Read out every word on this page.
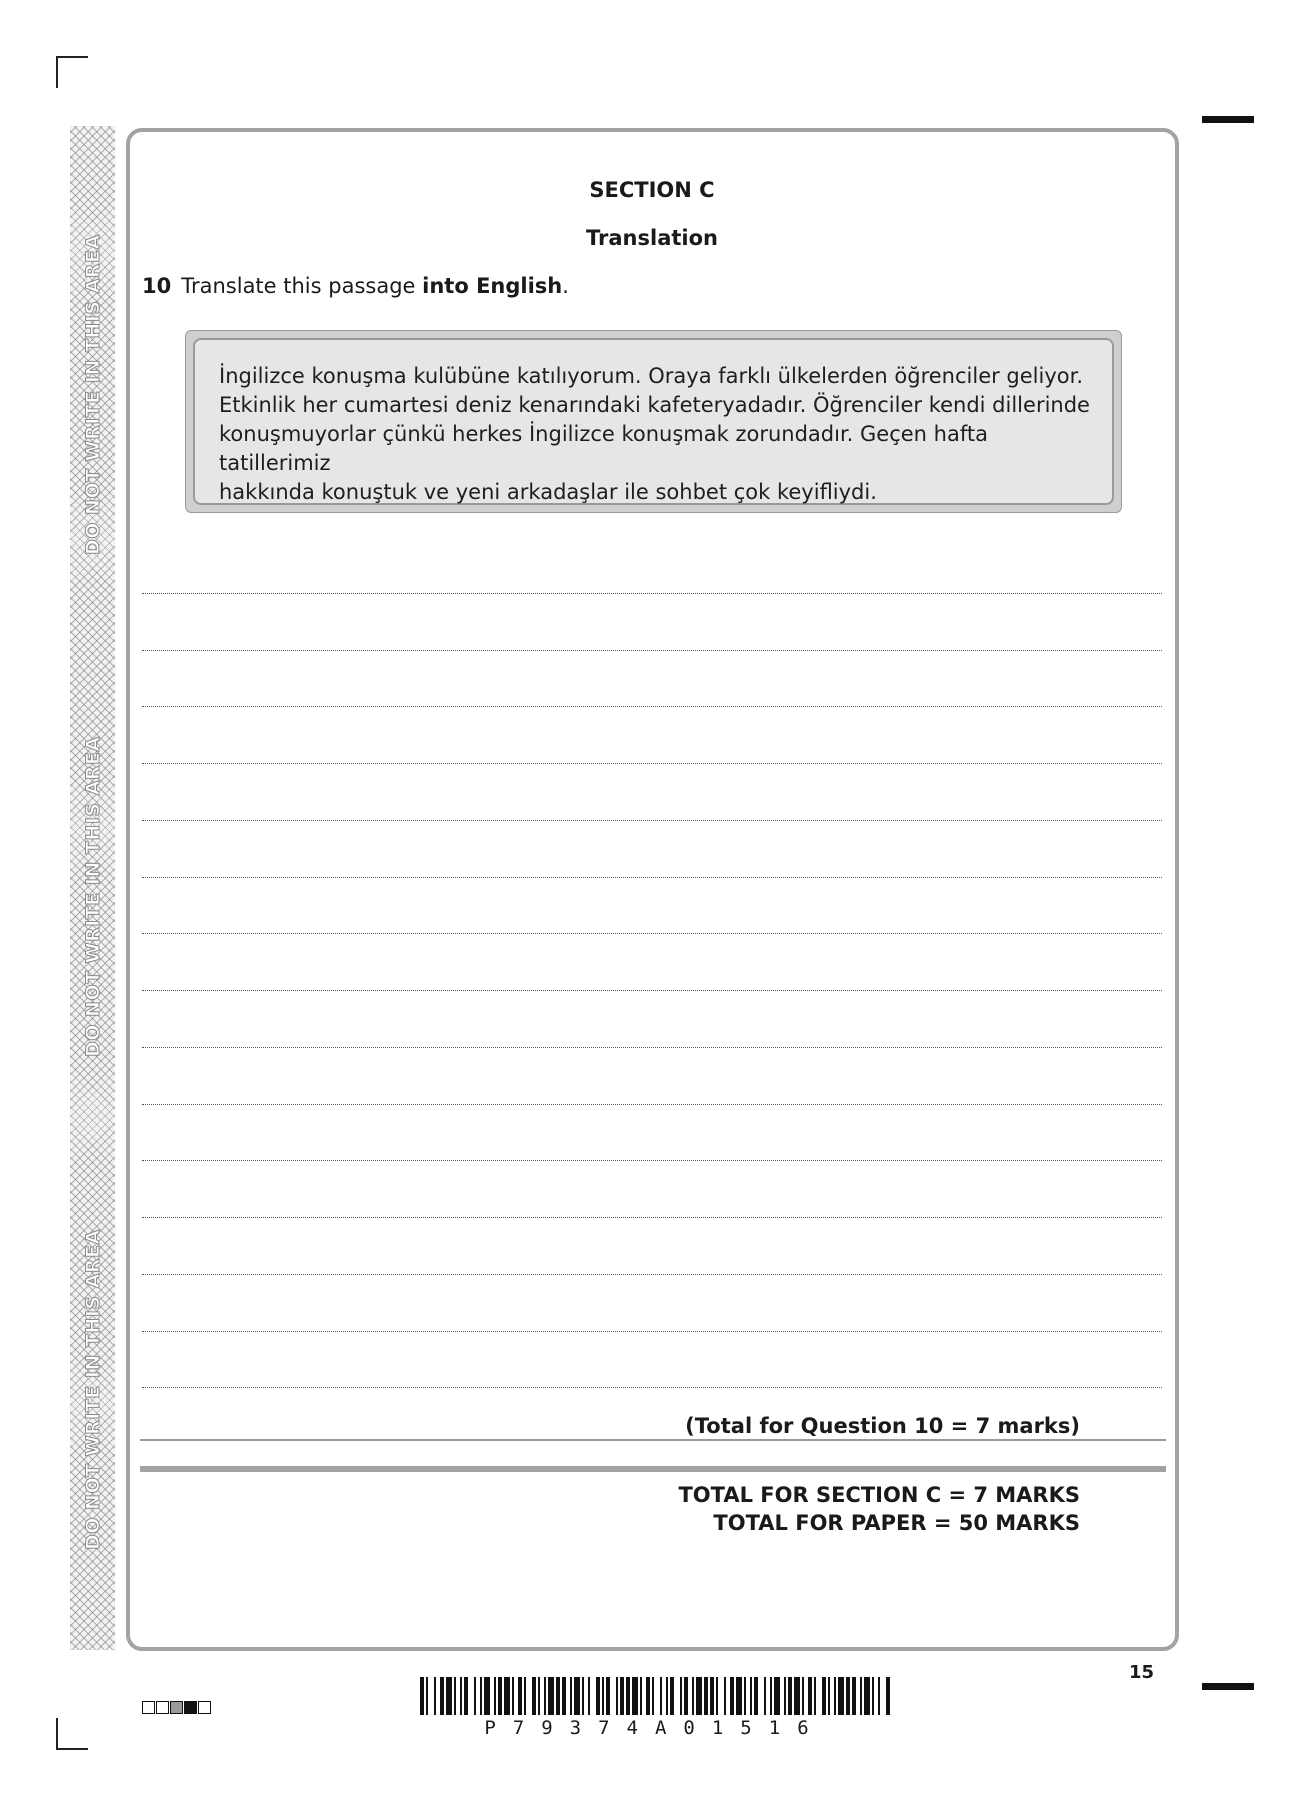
DO NOT WRITE IN THIS AREA
DO NOT WRITE IN THIS AREA
DO NOT WRITE IN THIS AREA
SECTION C
Translation
10 Translate this passage into English.
İngilizce konuşma kulübüne katılıyorum. Oraya farklı ülkelerden öğrenciler geliyor.
Etkinlik her cumartesi deniz kenarındaki kafeteryadadır. Öğrenciler kendi dillerinde
konuşmuyorlar çünkü herkes İngilizce konuşmak zorundadır. Geçen hafta tatillerimiz
hakkında konuştuk ve yeni arkadaşlar ile sohbet çok keyifliydi.
(Total for Question 10 = 7 marks)
TOTAL FOR SECTION C = 7 MARKS
TOTAL FOR PAPER = 50 MARKS
15
P79374A01516
